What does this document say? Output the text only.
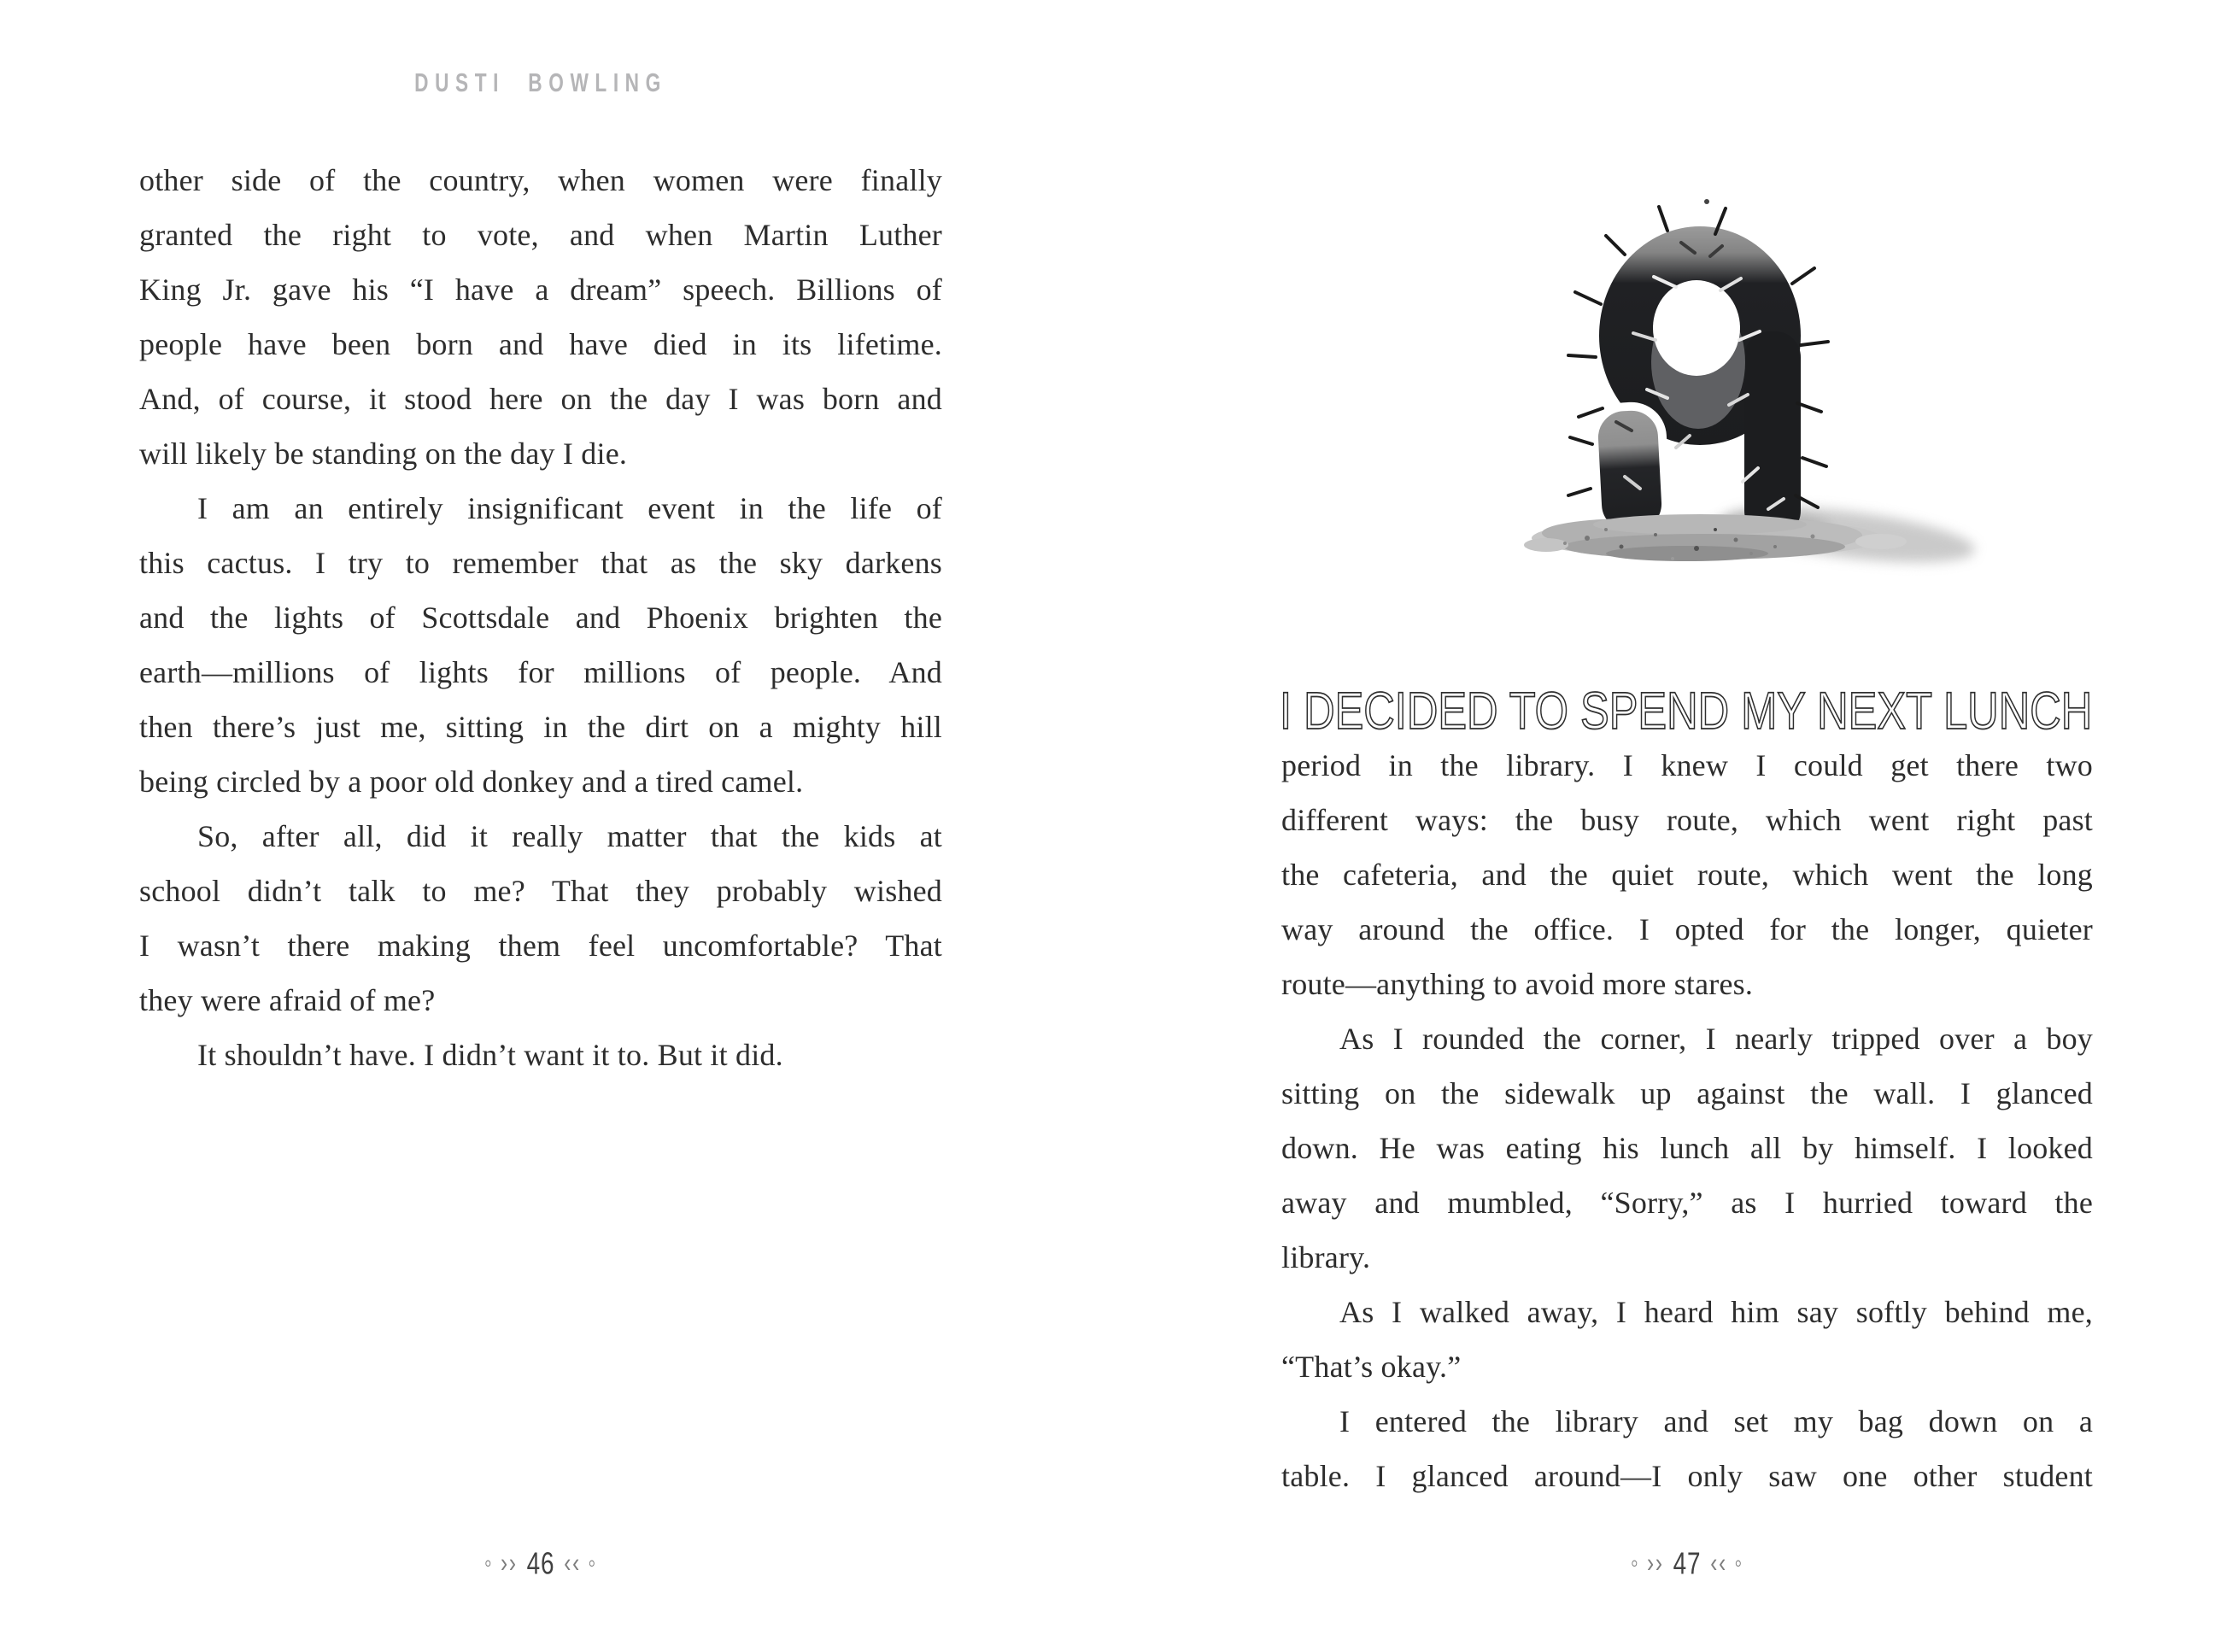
DUSTI BOWLING

other side of the country, when women were finally

granted the right to vote, and when Martin Luther

King Jr. gave his “I have a dream” speech. Billions of

people have been born and have died in its lifetime.

And, of course, it stood here on the day I was born and

will likely be standing on the day I die.

I am an entirely insignificant event in the life of

this cactus. I try to remember that as the sky darkens

and the lights of Scottsdale and Phoenix brighten the

earth—millions of lights for millions of people. And

then there’s just me, sitting in the dirt on a mighty hill

being circled by a poor old donkey and a tired camel.

So, after all, did it really matter that the kids at

school didn’t talk to me? That they probably wished

I wasn’t there making them feel uncomfortable? That

they were afraid of me?

It shouldn’t have. I didn’t want it to. But it did.

◦ ›› 46 ‹‹ ◦
I DECIDED TO SPEND MY NEXT LUNCH

period in the library. I knew I could get there two

different ways: the busy route, which went right past

the cafeteria, and the quiet route, which went the long

way around the office. I opted for the longer, quieter

route—anything to avoid more stares.

As I rounded the corner, I nearly tripped over a boy

sitting on the sidewalk up against the wall. I glanced

down. He was eating his lunch all by himself. I looked

away and mumbled, “Sorry,” as I hurried toward the

library.

As I walked away, I heard him say softly behind me,

“That’s okay.”

I entered the library and set my bag down on a

table. I glanced around—I only saw one other student

◦ ›› 47 ‹‹ ◦
